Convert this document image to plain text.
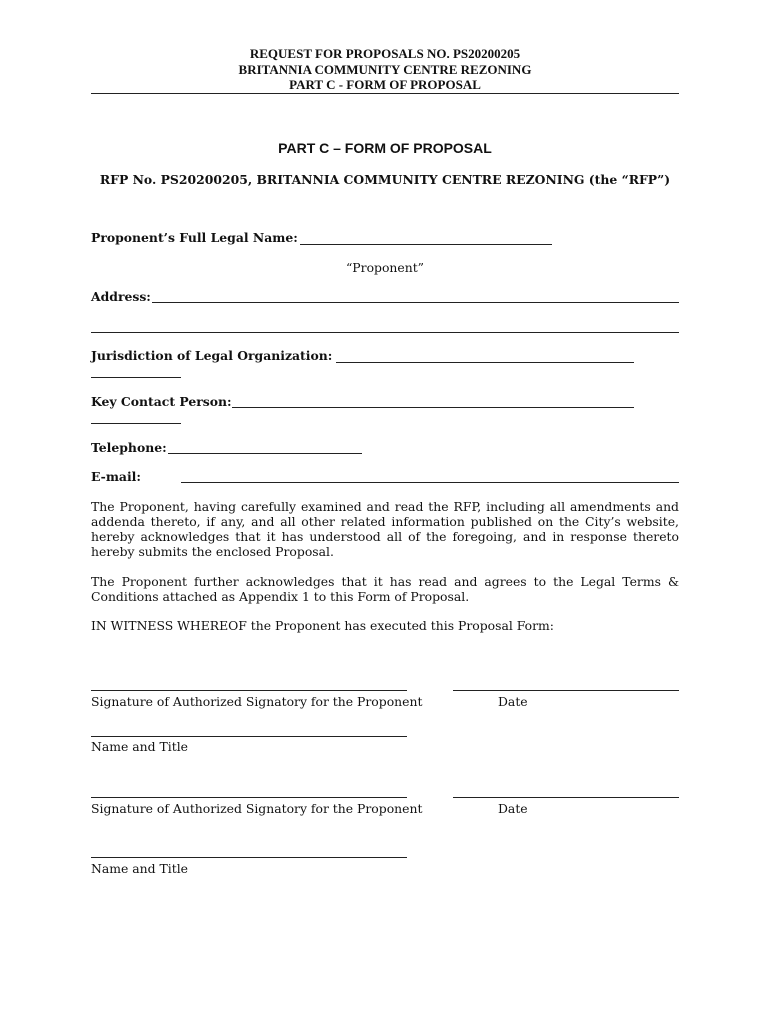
REQUEST FOR PROPOSALS NO. PS20200205
BRITANNIA COMMUNITY CENTRE REZONING
PART C - FORM OF PROPOSAL
PART C – FORM OF PROPOSAL
RFP No. PS20200205, BRITANNIA COMMUNITY CENTRE REZONING (the “RFP”)
Proponent’s Full Legal Name:
“Proponent”
Address:
Jurisdiction of Legal Organization:
Key Contact Person:
Telephone:
E-mail:

The Proponent, having carefully examined and read the RFP, including all amendments and addenda thereto, if any, and all other related information published on the City’s website, hereby acknowledges that it has understood all of the foregoing, and in response thereto hereby submits the enclosed Proposal.

The Proponent further acknowledges that it has read and agrees to the Legal Terms & Conditions attached as Appendix 1 to this Form of Proposal.

IN WITNESS WHEREOF the Proponent has executed this Proposal Form:

Signature of Authorized Signatory for the Proponent	Date
Name and Title
Signature of Authorized Signatory for the Proponent	Date
Name and Title
